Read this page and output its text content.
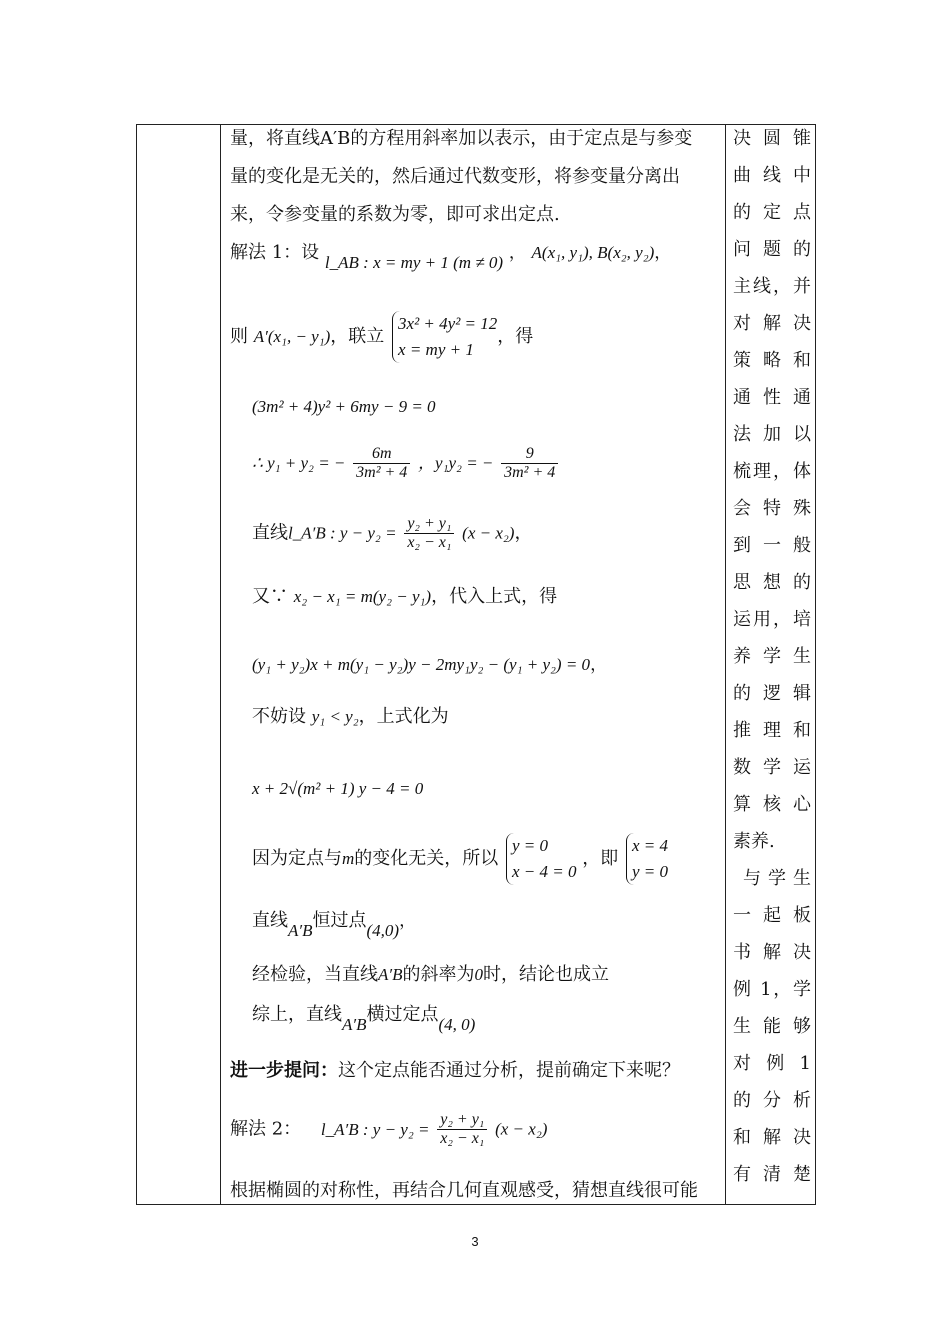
量，将直线A′B的方程用斜率加以表示，由于定点是与参变
量的变化是无关的，然后通过代数变形，将参变量分离出
来，令参变量的系数为零，即可求出定点.
解法 1：设 l_AB : x = my + 1 (m ≠ 0) ， A(x₁, y₁), B(x₂, y₂)，
则 A′(x₁, − y₁)，联立
3x² + 4y² = 12
x = my + 1
，得
(3m² + 4)y² + 6my − 9 = 0
∴ y₁ + y₂ = − $\frac{6m}{\text{3m² + 4}}$ ，y₁y₂ = − $\frac{9}{\text{3m² + 4}}$
直线l_A′B : $y - y_2 = \frac{\text{y₂ + y₁}}{\text{x₂ − x₁}} (x - x_2)$，
又∵ x₂ − x₁ = m(y₂ − y₁)，代入上式，得
(y₁ + y₂)x + m(y₁ − y₂)y − 2my₁y₂ − (y₁ + y₂) = 0，
不妨设 y₁ < y₂，上式化为
x + 2√(m² + 1) y − 4 = 0
因为定点与m的变化无关，所以
y = 0
x − 4 = 0
，即
x = 4
y = 0
直线A′B恒过点(4,0)，
经检验，当直线A′B的斜率为0时，结论也成立
综上，直线A′B横过定点(4, 0)
进一步提问：这个定点能否通过分析，提前确定下来呢？
解法 2： l_A′B : $y - y_2 = \frac{\text{y₂ + y₁}}{\text{x₂ − x₁}} (x - x_2)$
根据椭圆的对称性，再结合几何直观感受，猜想直线很可能
决 圆 锥
曲 线 中
的 定 点
问 题 的
主线，并
对 解 决
策 略 和
通 性 通
法 加 以
梳理，体
会 特 殊
到 一 般
思 想 的
运用，培
养 学 生
的 逻 辑
推 理 和
数 学 运
算 核 心
素养.
与学生
一 起 板
书 解 决
例 1，学
生 能 够
对 例 1
的 分 析
和 解 决
有 清 楚
3
